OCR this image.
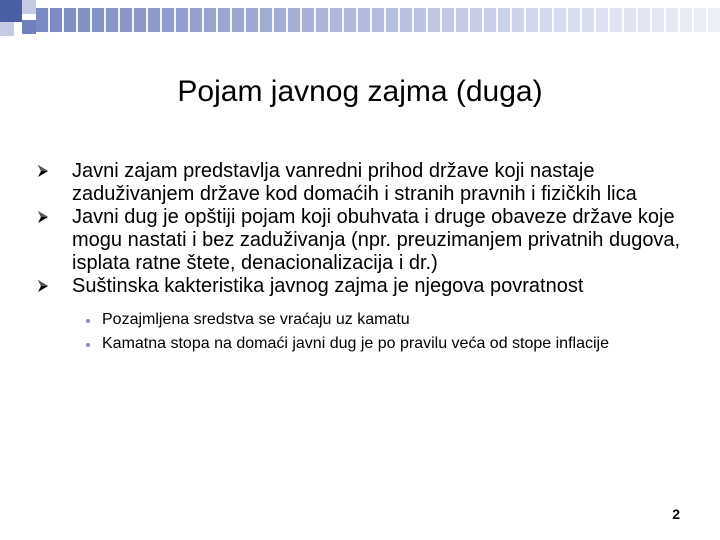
Pojam javnog zajma (duga)
Javni zajam predstavlja vanredni prihod države koji nastaje zaduživanjem države kod domaćih i stranih pravnih i fizičkih lica
Javni dug je opštiji pojam koji obuhvata i druge obaveze države koje mogu nastati i bez zaduživanja (npr. preuzimanjem privatnih dugova, isplata ratne štete, denacionalizacija i dr.)
Suštinska kakteristika javnog zajma je njegova povratnost
Pozajmljena sredstva se vraćaju uz kamatu
Kamatna stopa na domaći javni dug je po pravilu veća od stope inflacije
2
